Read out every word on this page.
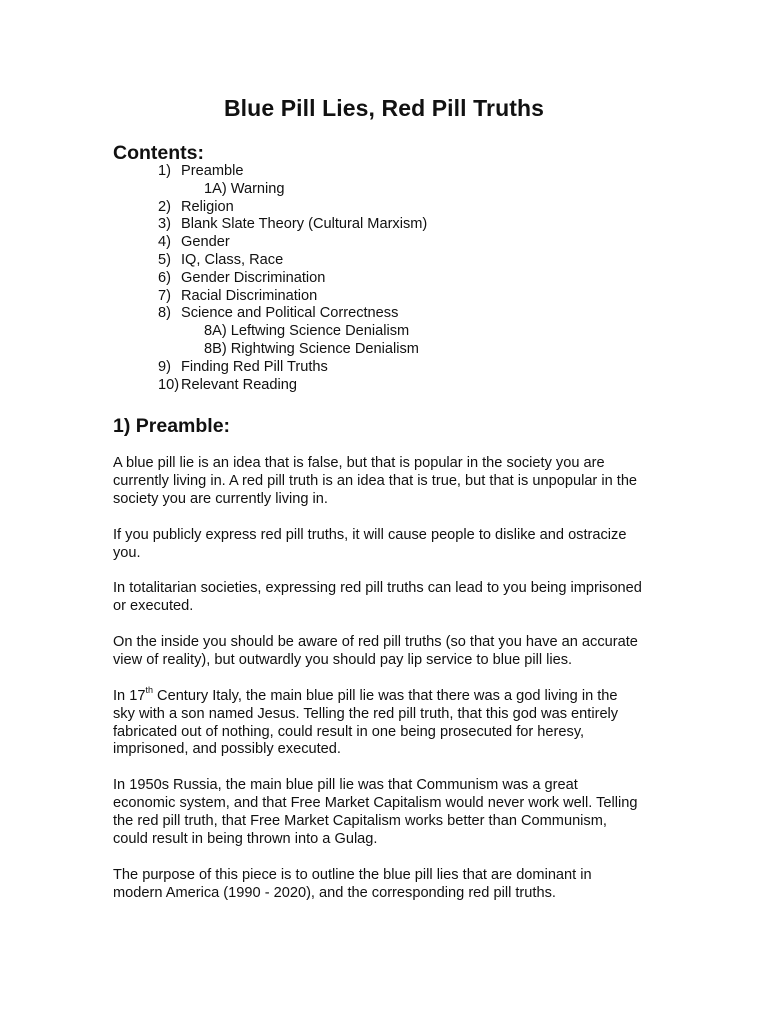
Blue Pill Lies, Red Pill Truths
Contents:
1) Preamble
1A) Warning
2) Religion
3) Blank Slate Theory (Cultural Marxism)
4) Gender
5) IQ, Class, Race
6) Gender Discrimination
7) Racial Discrimination
8) Science and Political Correctness
8A) Leftwing Science Denialism
8B) Rightwing Science Denialism
9) Finding Red Pill Truths
10) Relevant Reading
1) Preamble:

A blue pill lie is an idea that is false, but that is popular in the society you are currently living in. A red pill truth is an idea that is true, but that is unpopular in the society you are currently living in.

If you publicly express red pill truths, it will cause people to dislike and ostracize you.

In totalitarian societies, expressing red pill truths can lead to you being imprisoned or executed.

On the inside you should be aware of red pill truths (so that you have an accurate view of reality), but outwardly you should pay lip service to blue pill lies.

In 17th Century Italy, the main blue pill lie was that there was a god living in the sky with a son named Jesus. Telling the red pill truth, that this god was entirely fabricated out of nothing, could result in one being prosecuted for heresy, imprisoned, and possibly executed.

In 1950s Russia, the main blue pill lie was that Communism was a great economic system, and that Free Market Capitalism would never work well. Telling the red pill truth, that Free Market Capitalism works better than Communism, could result in being thrown into a Gulag.

The purpose of this piece is to outline the blue pill lies that are dominant in modern America (1990 - 2020), and the corresponding red pill truths.
